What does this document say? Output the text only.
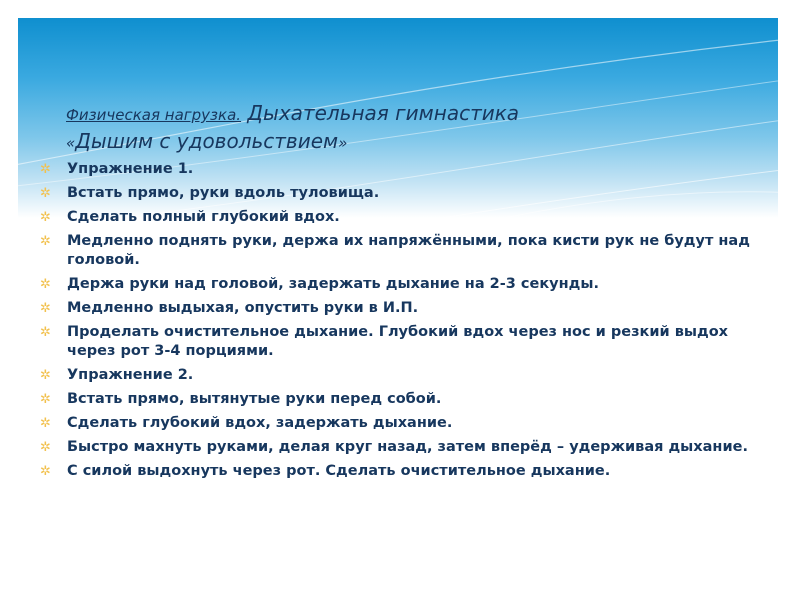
Физическая нагрузка. Дыхательная гимнастика
«Дышим с удовольствием»
✲ Упражнение 1.
✲ Встать прямо, руки вдоль туловища.
✲ Сделать полный глубокий вдох.
✲ Медленно поднять руки, держа их напряжёнными, пока кисти рук не будут над головой.
✲ Держа руки над головой, задержать дыхание на 2-3 секунды.
✲ Медленно выдыхая, опустить руки в И.П.
✲ Проделать очистительное дыхание. Глубокий вдох через нос и резкий выдох через рот 3-4 порциями.
✲ Упражнение 2.
✲ Встать прямо, вытянутые руки перед собой.
✲ Сделать глубокий вдох, задержать дыхание.
✲ Быстро махнуть руками, делая круг назад, затем вперёд – удерживая дыхание.
✲ С силой выдохнуть через рот. Сделать очистительное дыхание.
